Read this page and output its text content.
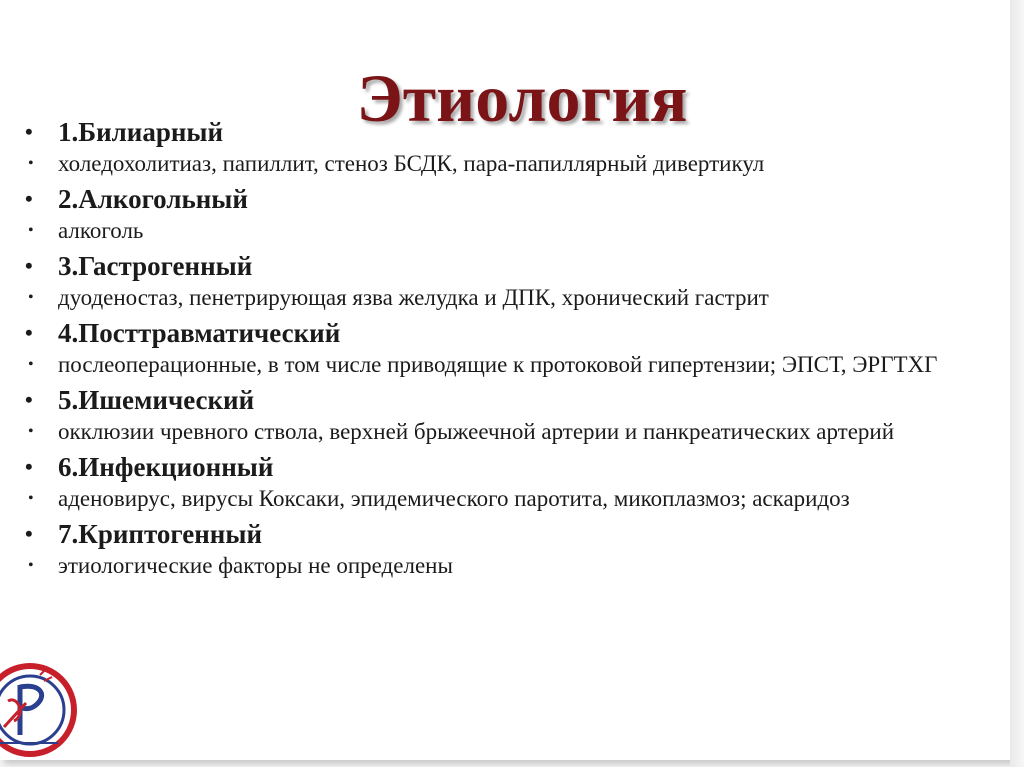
Этиология
• 1.Билиарный
• холедохолитиаз, папиллит, стеноз БСДК, пара-папиллярный дивертикул
• 2.Алкогольный
• алкоголь
• 3.Гастрогенный
• дуоденостаз, пенетрирующая язва желудка и ДПК, хронический гастрит
• 4.Посттравматический
• послеоперационные, в том числе приводящие к протоковой гипертензии; ЭПСТ, ЭРГТХГ
• 5.Ишемический
• окклюзии чревного ствола, верхней брыжеечной артерии и панкреатических артерий
• 6.Инфекционный
• аденовирус, вирусы Коксаки, эпидемического паротита, микоплазмоз; аскаридоз
• 7.Криптогенный
• этиологические факторы не определены
